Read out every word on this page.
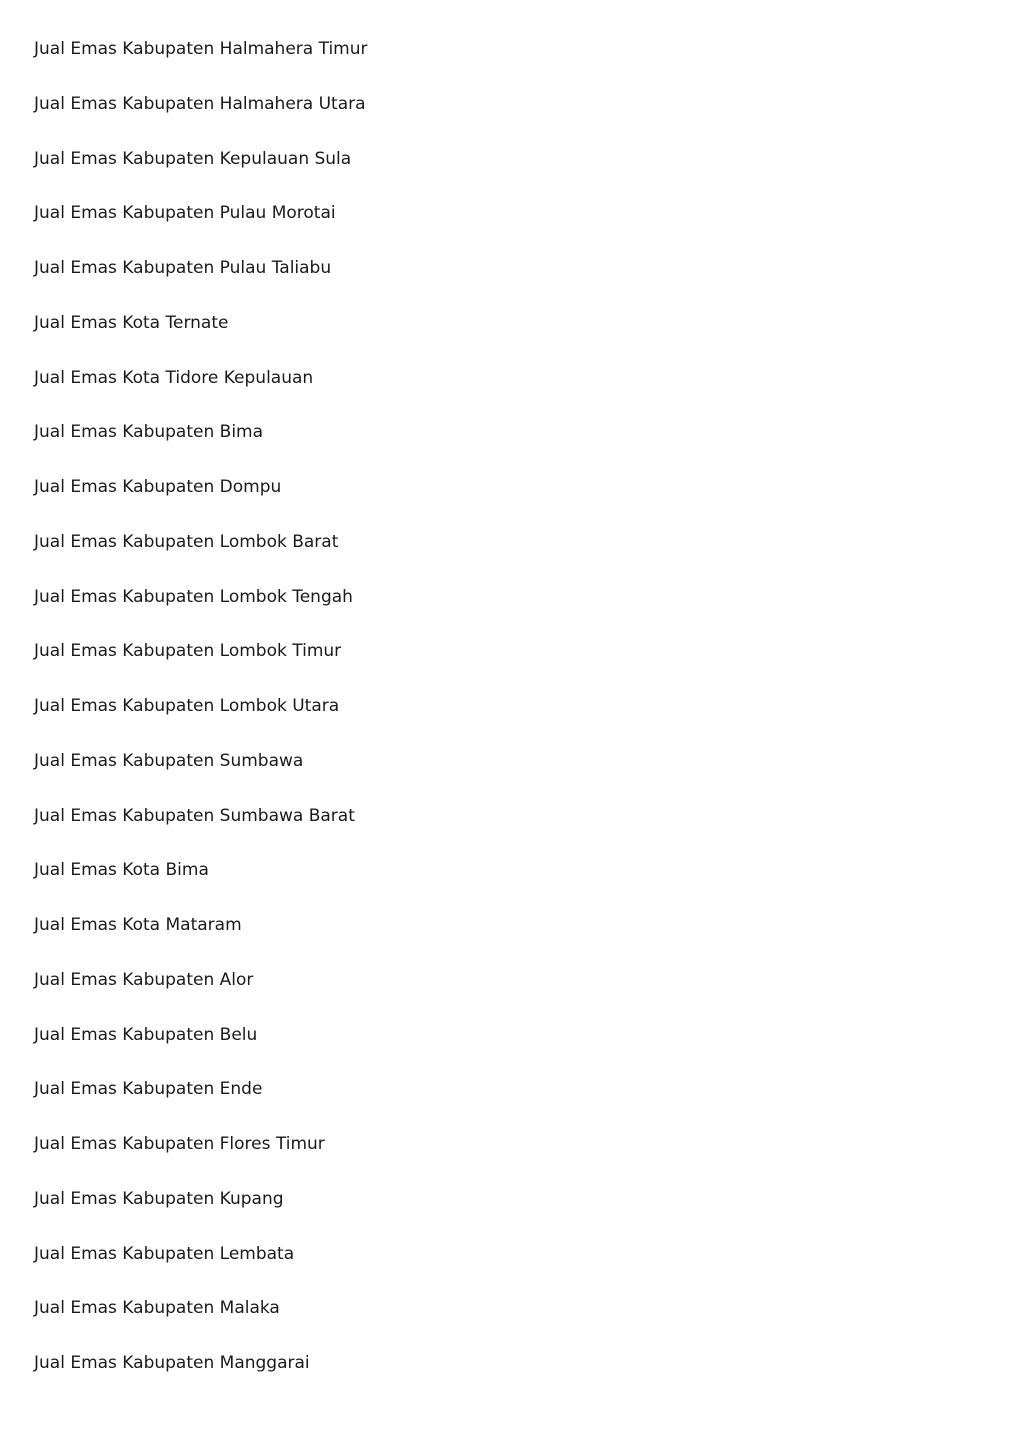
Jual Emas Kabupaten Halmahera Timur
Jual Emas Kabupaten Halmahera Utara
Jual Emas Kabupaten Kepulauan Sula
Jual Emas Kabupaten Pulau Morotai
Jual Emas Kabupaten Pulau Taliabu
Jual Emas Kota Ternate
Jual Emas Kota Tidore Kepulauan
Jual Emas Kabupaten Bima
Jual Emas Kabupaten Dompu
Jual Emas Kabupaten Lombok Barat
Jual Emas Kabupaten Lombok Tengah
Jual Emas Kabupaten Lombok Timur
Jual Emas Kabupaten Lombok Utara
Jual Emas Kabupaten Sumbawa
Jual Emas Kabupaten Sumbawa Barat
Jual Emas Kota Bima
Jual Emas Kota Mataram
Jual Emas Kabupaten Alor
Jual Emas Kabupaten Belu
Jual Emas Kabupaten Ende
Jual Emas Kabupaten Flores Timur
Jual Emas Kabupaten Kupang
Jual Emas Kabupaten Lembata
Jual Emas Kabupaten Malaka
Jual Emas Kabupaten Manggarai
